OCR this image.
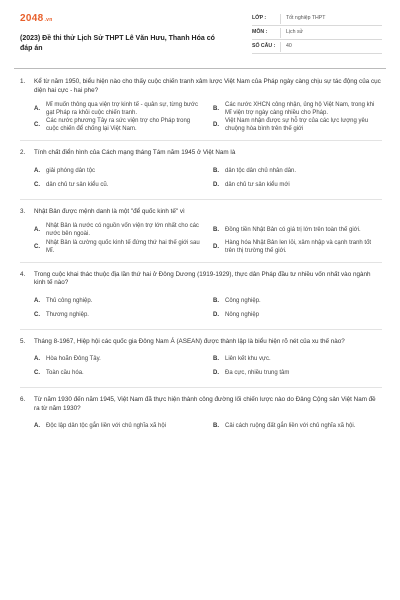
2048.vn
(2023) Đề thi thử Lịch Sử THPT Lê Văn Hưu, Thanh Hóa có đáp án
LỚP :	Tốt nghiệp THPT
MÔN :	Lịch sử
SỐ CÂU :	40
1.	Kể từ năm 1950, biểu hiện nào cho thấy cuộc chiến tranh xâm lược Việt Nam của Pháp ngày càng chịu sự tác động của cục diện hai cực - hai phe?
A.
Mĩ muốn thông qua viện trợ kinh tế - quân sự, từng bước gạt Pháp ra khỏi cuộc chiến tranh.
B.
Các nước XHCN công nhận, ủng hộ Việt Nam, trong khi Mĩ viện trợ ngày càng nhiều cho Pháp.
C.
Các nước phương Tây ra sức viện trợ cho Pháp trong cuộc chiến để chống lại Việt Nam.
D.
Việt Nam nhận được sự hỗ trợ của các lực lượng yêu chuộng hòa bình trên thế giới
2.	Tính chất điển hình của Cách mạng tháng Tám năm 1945 ở Việt Nam là
A.	giải phóng dân tộc	B.	dân tộc dân chủ nhân dân.
C.	dân chủ tư sản kiểu cũ.	D.	dân chủ tư sản kiểu mới
3.	Nhật Bản được mệnh danh là một "để quốc kinh tế" vì
A.
Nhật Bản là nước có nguồn vốn viện trợ lớn nhất cho các nước bên ngoài.
B.	Đồng tiền Nhật Bản có giá trị lớn trên toàn thế giới.
C.
Nhật Bản là cường quốc kinh tế đứng thứ hai thế giới sau Mĩ.
D.
Hàng hóa Nhật Bản len lỏi, xâm nhập và cạnh tranh tốt trên thị trường thế giới.
4.	Trong cuộc khai thác thuộc địa lần thứ hai ở Đông Dương (1919-1929), thực dân Pháp đầu tư nhiều vốn nhất vào ngành kinh tế nào?
A.	Thủ công nghiệp.	B.	Công nghiệp.
C.	Thương nghiệp.	D.	Nông nghiệp
5.	Tháng 8-1967, Hiệp hội các quốc gia Đông Nam Á (ASEAN) được thành lập là biểu hiện rõ nét của xu thế nào?
A.	Hòa hoãn Đông Tây.	B.	Liên kết khu vực.
C.	Toàn cầu hóa.	D.	Đa cực, nhiều trung tâm
6.	Từ năm 1930 đến năm 1945, Việt Nam đã thực hiện thành công đường lối chiến lược nào do Đảng Cộng sản Việt Nam đề ra từ năm 1930?
A.	Độc lập dân tộc gắn liền với chủ nghĩa xã hội	B.	Cải cách ruộng đất gắn liền với chủ nghĩa xã hội.
